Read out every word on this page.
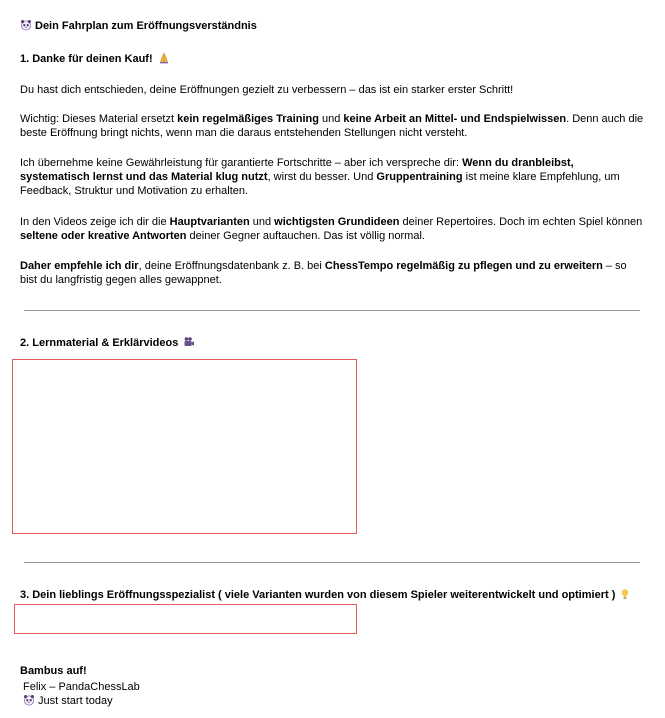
Dein Fahrplan zum Eröffnungsverständnis
1. Danke für deinen Kauf!

Du hast dich entschieden, deine Eröffnungen gezielt zu verbessern – das ist ein starker erster Schritt!

Wichtig: Dieses Material ersetzt kein regelmäßiges Training und keine Arbeit an Mittel- und Endspielwissen. Denn auch die beste Eröffnung bringt nichts, wenn man die daraus entstehenden Stellungen nicht versteht.

Ich übernehme keine Gewährleistung für garantierte Fortschritte – aber ich verspreche dir: Wenn du dranbleibst, systematisch lernst und das Material klug nutzt, wirst du besser. Und Gruppentraining ist meine klare Empfehlung, um Feedback, Struktur und Motivation zu erhalten.

In den Videos zeige ich dir die Hauptvarianten und wichtigsten Grundideen deiner Repertoires. Doch im echten Spiel können seltene oder kreative Antworten deiner Gegner auftauchen. Das ist völlig normal.

Daher empfehle ich dir, deine Eröffnungsdatenbank z. B. bei ChessTempo regelmäßig zu pflegen und zu erweitern – so bist du langfristig gegen alles gewappnet.

2. Lernmaterial & Erklärvideos
3. Dein lieblings Eröffnungsspezialist ( viele Varianten wurden von diesem Spieler weiterentwickelt und optimiert )
Bambus auf!
Felix – PandaChessLab
Just start today
